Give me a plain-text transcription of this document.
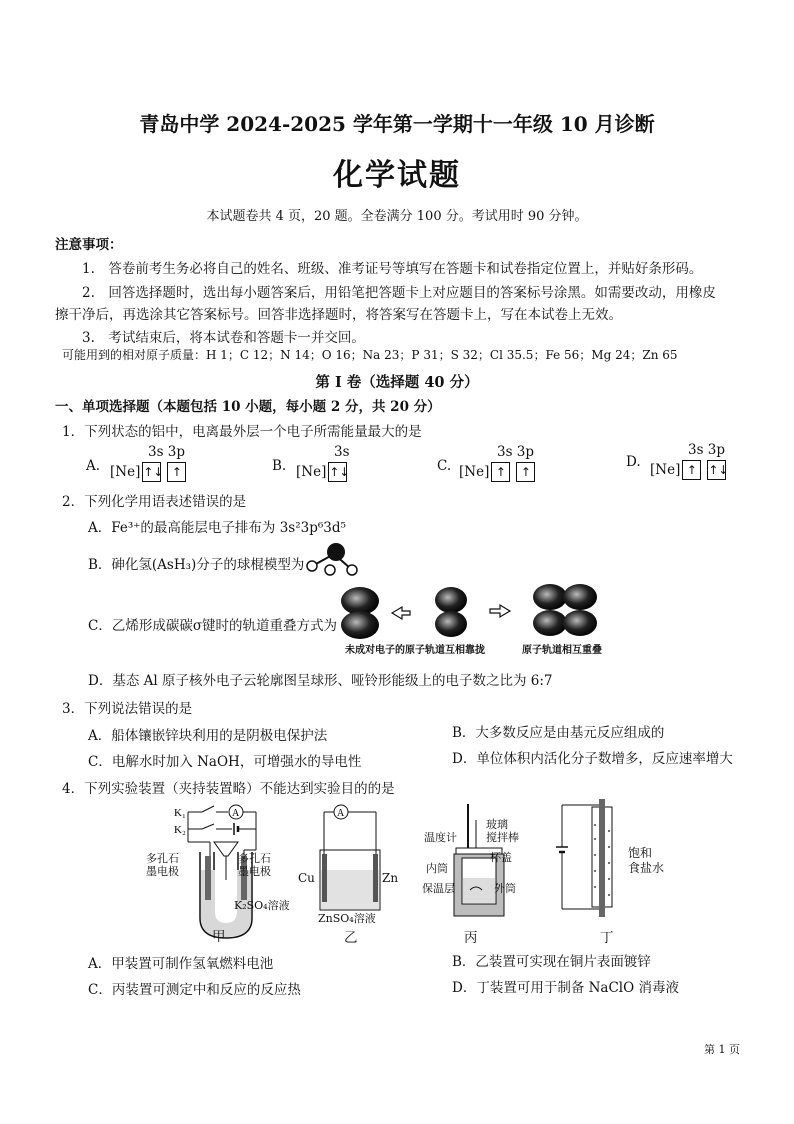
青岛中学 2024-2025 学年第一学期十一年级 10 月诊断
化学试题
本试题卷共 4 页，20 题。全卷满分 100 分。考试用时 90 分钟。
注意事项：
1.　答卷前考生务必将自己的姓名、班级、准考证号等填写在答题卡和试卷指定位置上，并贴好条形码。
2.　回答选择题时，选出每小题答案后，用铅笔把答题卡上对应题目的答案标号涂黑。如需要改动，用橡皮
擦干净后，再选涂其它答案标号。回答非选择题时，将答案写在答题卡上，写在本试卷上无效。
3.　考试结束后，将本试卷和答题卡一并交回。
可能用到的相对原子质量：H 1；C 12；N 14；O 16；Na 23；P 31；S 32；Cl 35.5；Fe 56；Mg 24；Zn 65
第 I 卷（选择题 40 分）
一、单项选择题（本题包括 10 小题，每小题 2 分，共 20 分）
1．下列状态的铝中，电离最外层一个电子所需能量最大的是
3s 3p
A. [Ne] ↑↓ ↑
3s
B. [Ne] ↑↓
3s 3p
C. [Ne] ↑ ↑
3s 3p
D. [Ne] ↑ ↑↓
2．下列化学用语表述错误的是
A．Fe³⁺的最高能层电子排布为 3s²3p⁶3d⁵
B．砷化氢(AsH₃)分子的球棍模型为
C．乙烯形成碳碳σ键时的轨道重叠方式为
未成对电子的原子轨道互相靠拢	原子轨道相互重叠
D．基态 Al 原子核外电子云轮廓图呈球形、哑铃形能级上的电子数之比为 6:7
3．下列说法错误的是
A．船体镶嵌锌块利用的是阴极电保护法	B．大多数反应是由基元反应组成的
C．电解水时加入 NaOH，可增强水的导电性	D．单位体积内活化分子数增多，反应速率增大
4．下列实验装置（夹持装置略）不能达到实验目的的是
K₁
K₂
A
多孔石
墨电极
多孔石
墨电极
K₂SO₄溶液
甲
A
Cu	Zn
ZnSO₄溶液
乙
温度计
玻璃
搅拌棒
杯盖
内筒
保温层	外筒
丙
饱和
食盐水
丁
A．甲装置可制作氢氧燃料电池	B．乙装置可实现在铜片表面镀锌
C．丙装置可测定中和反应的反应热	D．丁装置可用于制备 NaClO 消毒液
第 1 页
